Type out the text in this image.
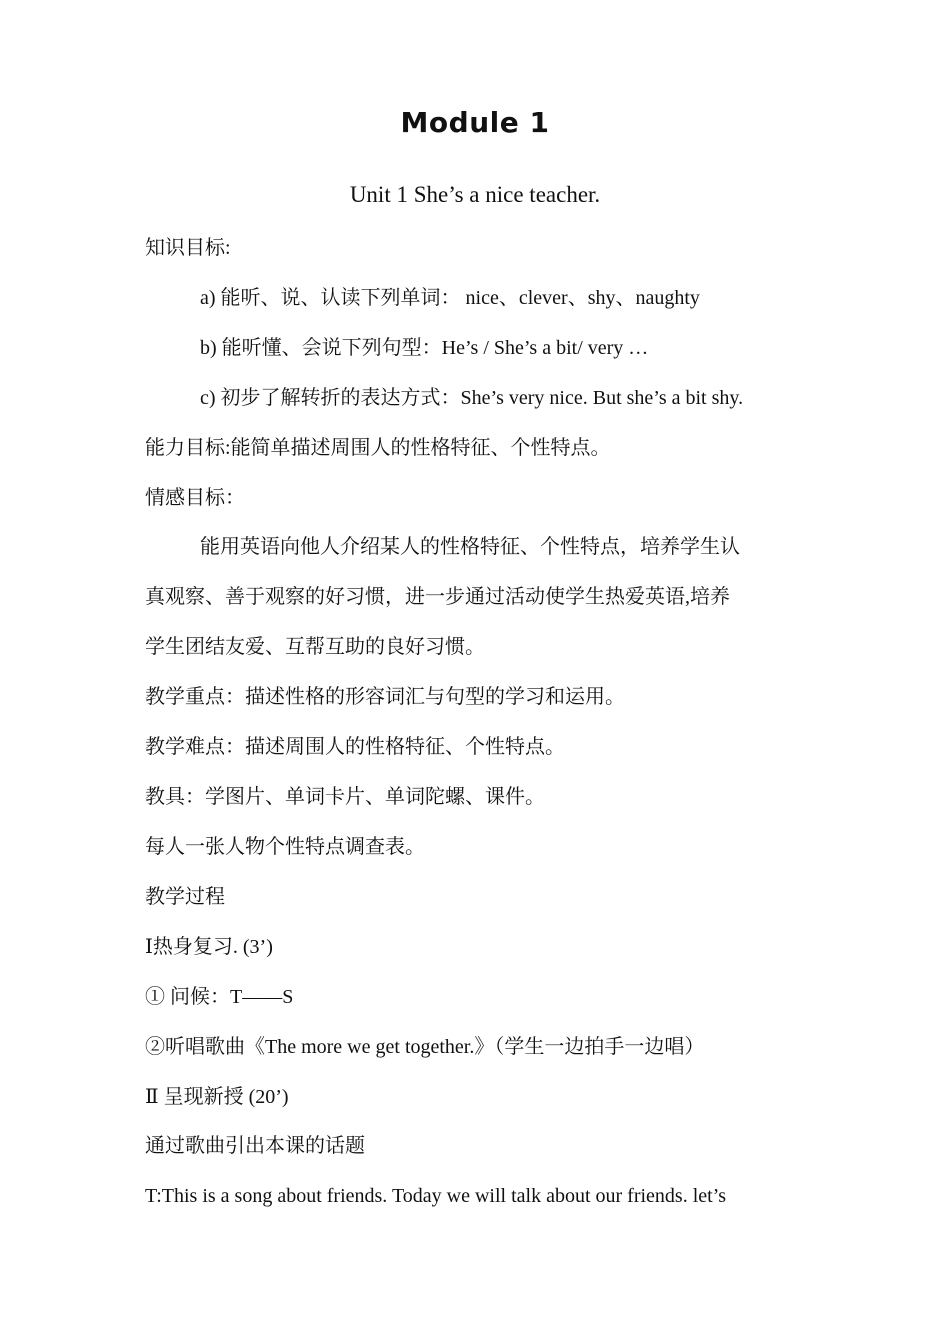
Module 1
Unit 1 She’s a nice teacher.
知识目标:
a) 能听、说、认读下列单词： nice、clever、shy、naughty
b) 能听懂、会说下列句型：He’s / She’s a bit/ very …
c) 初步了解转折的表达方式：She’s very nice. But she’s a bit shy.
能力目标:能简单描述周围人的性格特征、个性特点。
情感目标：
能用英语向他人介绍某人的性格特征、个性特点，培养学生认
真观察、善于观察的好习惯，进一步通过活动使学生热爱英语,培养
学生团结友爱、互帮互助的良好习惯。
教学重点：描述性格的形容词汇与句型的学习和运用。
教学难点：描述周围人的性格特征、个性特点。
教具：学图片、单词卡片、单词陀螺、课件。
每人一张人物个性特点调查表。
教学过程
Ⅰ热身复习. (3’)
① 问候：T——S
②听唱歌曲《The more we get together.》（学生一边拍手一边唱）
Ⅱ 呈现新授 (20’)
通过歌曲引出本课的话题
T:This is a song about friends. Today we will talk about our friends. let’s
